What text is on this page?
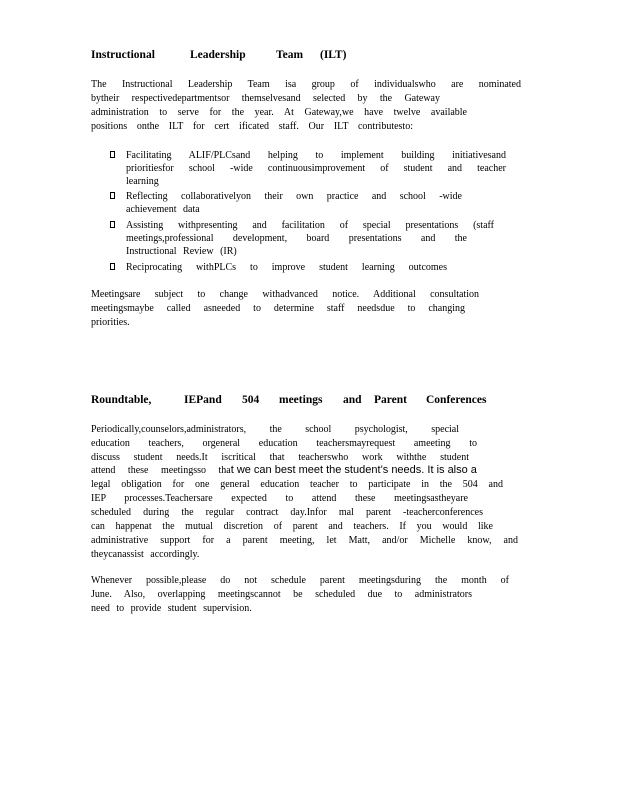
Instructional	Leadership	Team (ILT)
The Instructional Leadership Team isa group of individualswho are nominated
bytheir respectivedepartmentsor themselvesand selected by the Gateway
administration to serve for the year. At Gateway,we have twelve available
positions onthe ILT for cert ificated staff. Our ILT contributesto:
Facilitating ALIF/PLCsand helping to implement building initiativesand
prioritiesfor school -wide continuousimprovement of student and teacher
learning
Reflecting collaborativelyon their own practice and school -wide
achievement data
Assisting withpresenting and facilitation of special presentations (staff
meetings,professional development, board presentations and the
Instructional Review (IR)
Reciprocating withPLCs to improve student learning outcomes
Meetingsare subject to change withadvanced notice. Additional consultation
meetingsmaybe called asneeded to determine staff needsdue to changing
priorities.
Roundtable,	IEPand 504 meetings and Parent Conferences
Periodically,counselors,administrators, the school psychologist, special
education teachers, orgeneral education teachersmayrequest ameeting to
discuss student needs.It iscritical that teacherswho work withthe student
attend these meetingsso that we can best meet the student’s needs. It is also a
legal obligation for one general education teacher to participate in the 504 and
IEP processes.Teachersare expected to attend these meetingsastheyare
scheduled during the regular contract day.Infor mal parent -teacherconferences
can happenat the mutual discretion of parent and teachers. If you would like
administrative support for a parent meeting, let Matt, and/or Michelle know, and
theycanassist accordingly.
Whenever possible,please do not schedule parent meetingsduring the month of
June. Also, overlapping meetingscannot be scheduled due to administrators
need to provide student supervision.
